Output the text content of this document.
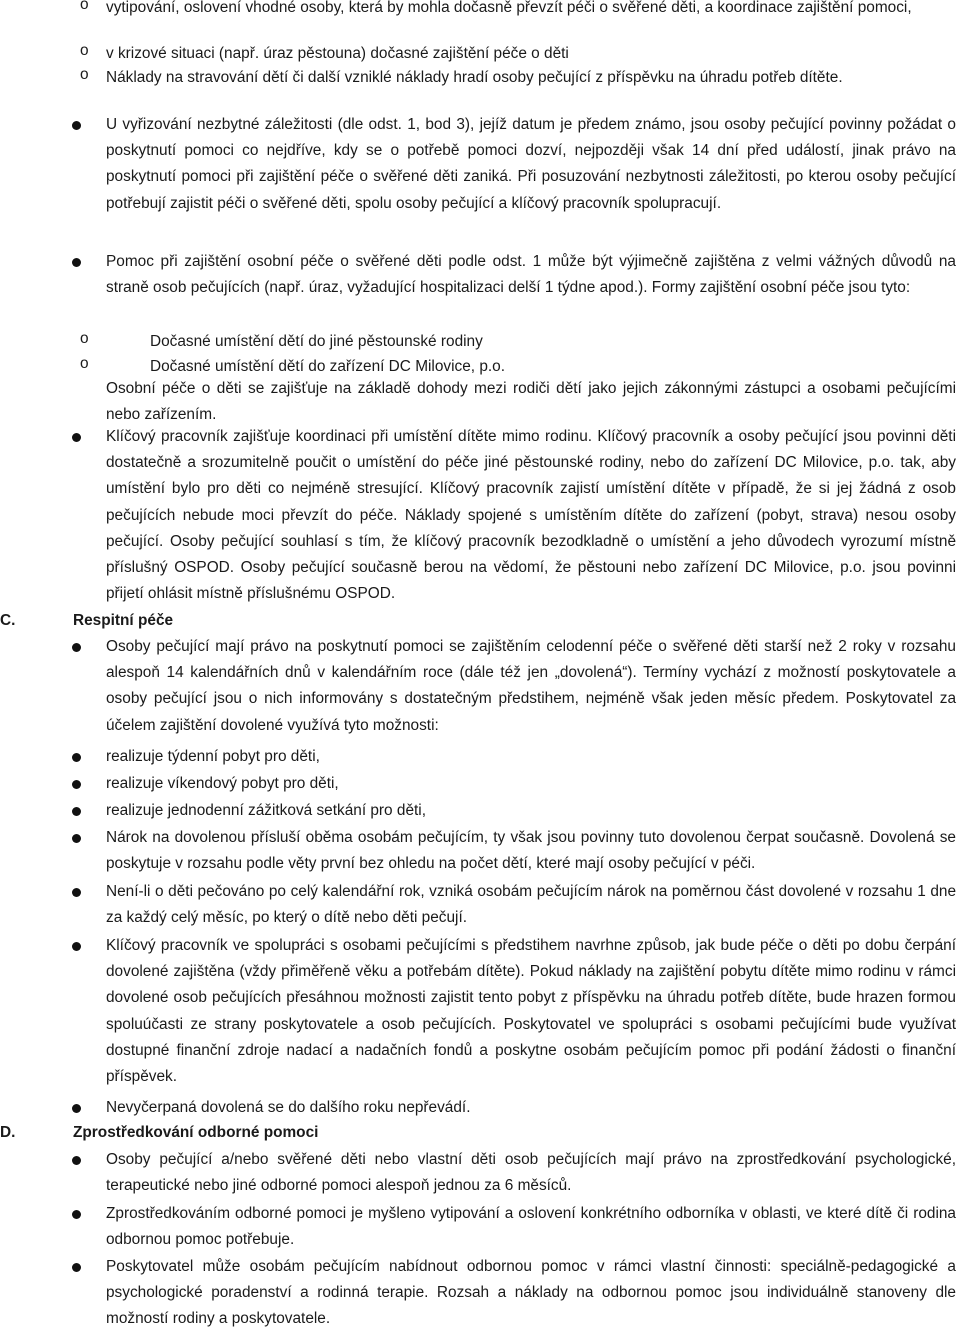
o vytipování, oslovení vhodné osoby, která by mohla dočasně převzít péči o svěřené děti, a koordinace zajištění pomoci,
o v krizové situaci (např. úraz pěstouna) dočasné zajištění péče o děti
o Náklady na stravování dětí či další vzniklé náklady hradí osoby pečující z příspěvku na úhradu potřeb dítěte.
U vyřizování nezbytné záležitosti (dle odst. 1, bod 3), jejíž datum je předem známo, jsou osoby pečující povinny požádat o poskytnutí pomoci co nejdříve, kdy se o potřebě pomoci dozví, nejpozději však 14 dní před událostí, jinak právo na poskytnutí pomoci při zajištění péče o svěřené děti zaniká. Při posuzování nezbytnosti záležitosti, po kterou osoby pečující potřebují zajistit péči o svěřené děti, spolu osoby pečující a klíčový pracovník spolupracují.
Pomoc při zajištění osobní péče o svěřené děti podle odst. 1 může být výjimečně zajištěna z velmi vážných důvodů na straně osob pečujících (např. úraz, vyžadující hospitalizaci delší 1 týdne apod.). Formy zajištění osobní péče jsou tyto:
o	Dočasné umístění dětí do jiné pěstounské rodiny
o	Dočasné umístění dětí do zařízení DC Milovice, p.o.
Osobní péče o děti se zajišťuje na základě dohody mezi rodiči dětí jako jejich zákonnými zástupci a osobami pečujícími nebo zařízením.
Klíčový pracovník zajišťuje koordinaci při umístění dítěte mimo rodinu. Klíčový pracovník a osoby pečující jsou povinni děti dostatečně a srozumitelně poučit o umístění do péče jiné pěstounské rodiny, nebo do zařízení DC Milovice, p.o. tak, aby umístění bylo pro děti co nejméně stresující. Klíčový pracovník zajistí umístění dítěte v případě, že si jej žádná z osob pečujících nebude moci převzít do péče. Náklady spojené s umístěním dítěte do zařízení (pobyt, strava) nesou osoby pečující. Osoby pečující souhlasí s tím, že klíčový pracovník bezodkladně o umístění a jeho důvodech vyrozumí místně příslušný OSPOD. Osoby pečující současně berou na vědomí, že pěstouni nebo zařízení DC Milovice, p.o. jsou povinni přijetí ohlásit místně příslušnému OSPOD.
C.	Respitní péče
Osoby pečující mají právo na poskytnutí pomoci se zajištěním celodenní péče o svěřené děti starší než 2 roky v rozsahu alespoň 14 kalendářních dnů v kalendářním roce (dále též jen „dovolená“). Termíny vychází z možností poskytovatele a osoby pečující jsou o nich informovány s dostatečným předstihem, nejméně však jeden měsíc předem. Poskytovatel za účelem zajištění dovolené využívá tyto možnosti:
realizuje týdenní pobyt pro děti,
realizuje víkendový pobyt pro děti,
realizuje jednodenní zážitková setkání pro děti,
Nárok na dovolenou přísluší oběma osobám pečujícím, ty však jsou povinny tuto dovolenou čerpat současně. Dovolená se poskytuje v rozsahu podle věty první bez ohledu na počet dětí, které mají osoby pečující v péči.
Není-li o děti pečováno po celý kalendářní rok, vzniká osobám pečujícím nárok na poměrnou část dovolené v rozsahu 1 dne za každý celý měsíc, po který o dítě nebo děti pečují.
Klíčový pracovník ve spolupráci s osobami pečujícími s předstihem navrhne způsob, jak bude péče o děti po dobu čerpání dovolené zajištěna (vždy přiměřeně věku a potřebám dítěte). Pokud náklady na zajištění pobytu dítěte mimo rodinu v rámci dovolené osob pečujících přesáhnou možnosti zajistit tento pobyt z příspěvku na úhradu potřeb dítěte, bude hrazen formou spoluúčasti ze strany poskytovatele a osob pečujících. Poskytovatel ve spolupráci s osobami pečujícími bude využívat dostupné finanční zdroje nadací a nadačních fondů a poskytne osobám pečujícím pomoc při podání žádosti o finanční příspěvek.
Nevyčerpaná dovolená se do dalšího roku nepřevádí.
D.	Zprostředkování odborné pomoci
Osoby pečující a/nebo svěřené děti nebo vlastní děti osob pečujících mají právo na zprostředkování psychologické, terapeutické nebo jiné odborné pomoci alespoň jednou za 6 měsíců.
Zprostředkováním odborné pomoci je myšleno vytipování a oslovení konkrétního odborníka v oblasti, ve které dítě či rodina odbornou pomoc potřebuje.
Poskytovatel může osobám pečujícím nabídnout odbornou pomoc v rámci vlastní činnosti: speciálně-pedagogické a psychologické poradenství a rodinná terapie. Rozsah a náklady na odbornou pomoc jsou individuálně stanoveny dle možností rodiny a poskytovatele.
